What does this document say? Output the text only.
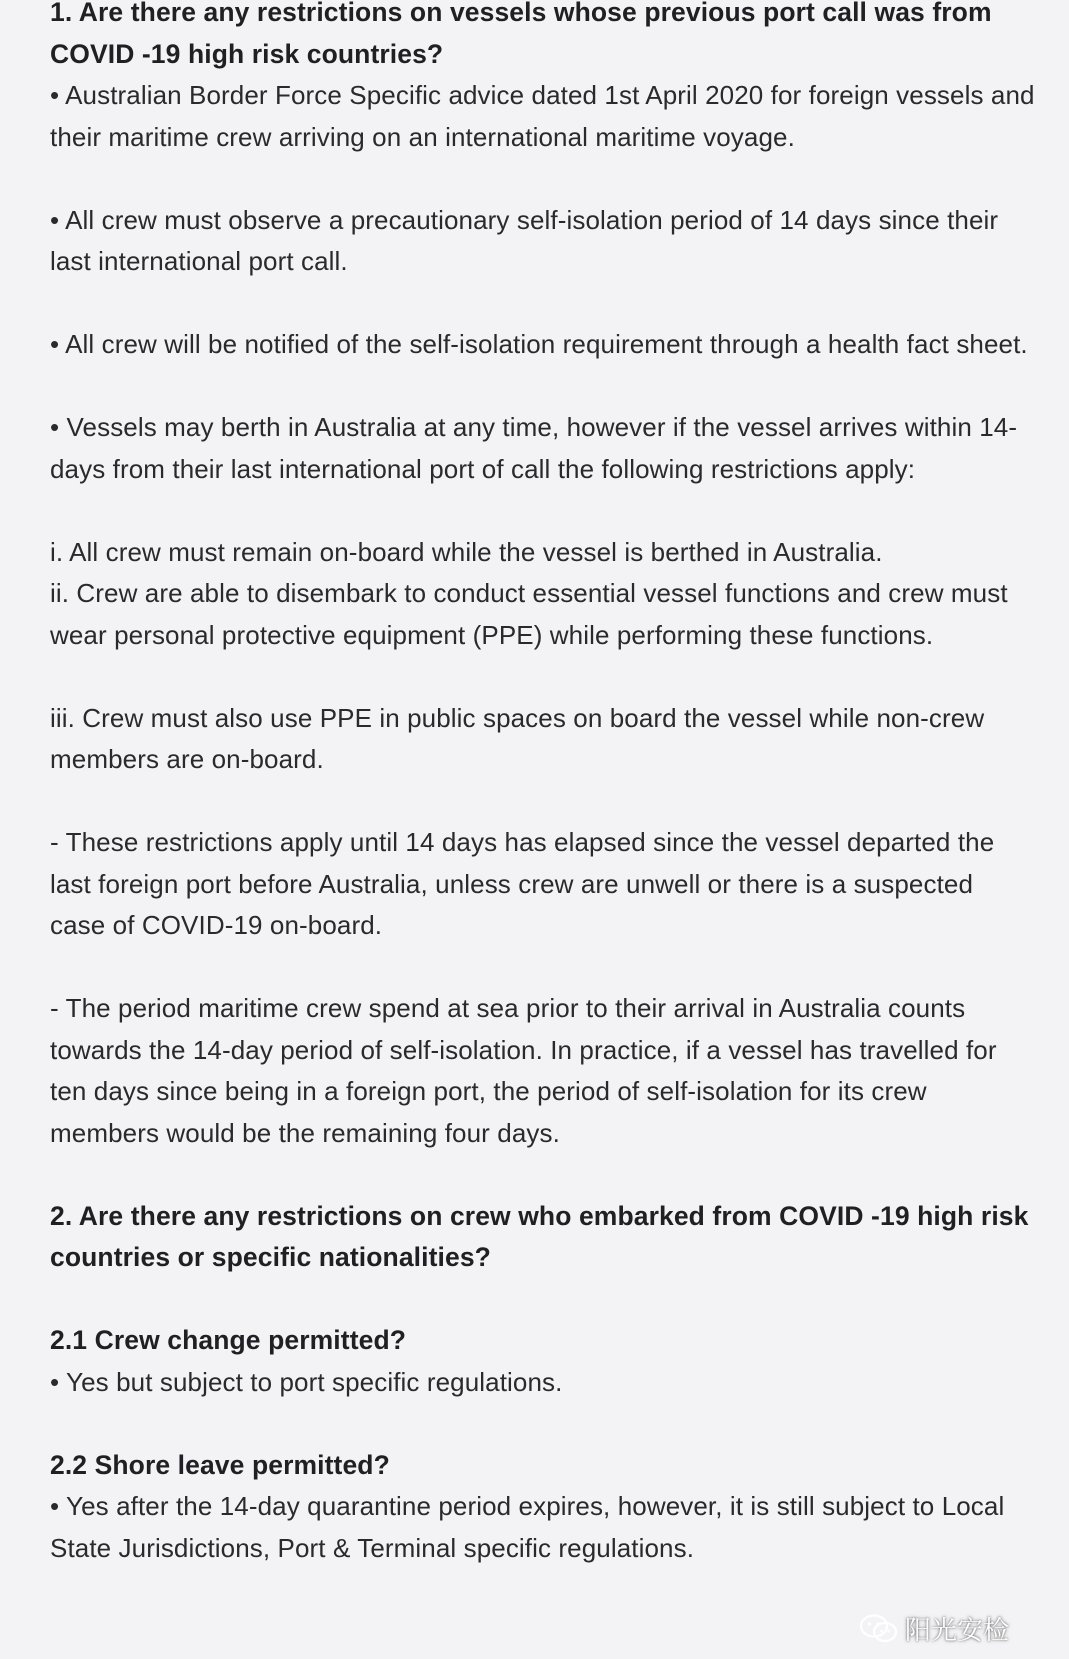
1. Are there any restrictions on vessels whose previous port call was from COVID -19 high risk countries?

• Australian Border Force Specific advice dated 1st April 2020 for foreign vessels and their maritime crew arriving on an international maritime voyage.

• All crew must observe a precautionary self-isolation period of 14 days since their last international port call.

• All crew will be notified of the self-isolation requirement through a health fact sheet.

• Vessels may berth in Australia at any time, however if the vessel arrives within 14-days from their last international port of call the following restrictions apply:

i. All crew must remain on-board while the vessel is berthed in Australia.

ii. Crew are able to disembark to conduct essential vessel functions and crew must wear personal protective equipment (PPE) while performing these functions.

iii. Crew must also use PPE in public spaces on board the vessel while non-crew members are on-board.

- These restrictions apply until 14 days has elapsed since the vessel departed the last foreign port before Australia, unless crew are unwell or there is a suspected case of COVID-19 on-board.

- The period maritime crew spend at sea prior to their arrival in Australia counts towards the 14-day period of self-isolation. In practice, if a vessel has travelled for ten days since being in a foreign port, the period of self-isolation for its crew members would be the remaining four days.

2. Are there any restrictions on crew who embarked from COVID -19 high risk countries or specific nationalities?

2.1 Crew change permitted?

• Yes but subject to port specific regulations.

2.2 Shore leave permitted?

• Yes after the 14-day quarantine period expires, however, it is still subject to Local State Jurisdictions, Port & Terminal specific regulations.

阳光安检
